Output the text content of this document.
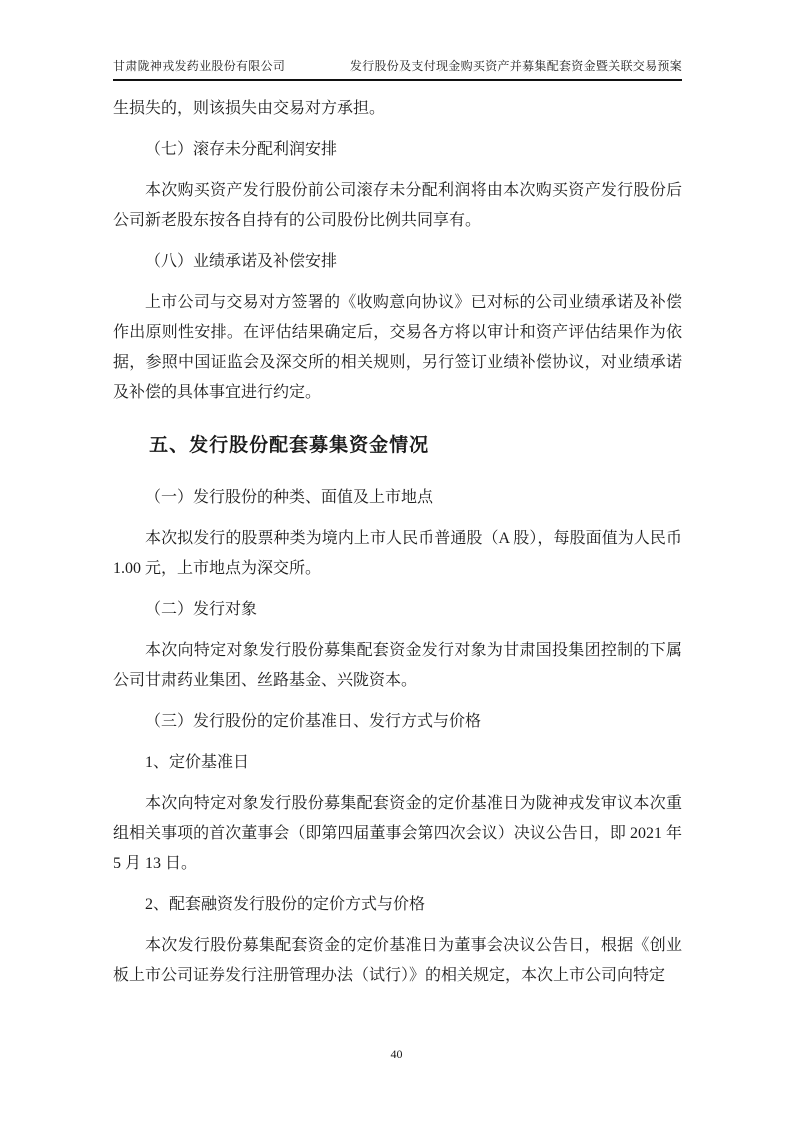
甘肃陇神戎发药业股份有限公司	发行股份及支付现金购买资产并募集配套资金暨关联交易预案

生损失的，则该损失由交易对方承担。

（七）滚存未分配利润安排

本次购买资产发行股份前公司滚存未分配利润将由本次购买资产发行股份后公司新老股东按各自持有的公司股份比例共同享有。

（八）业绩承诺及补偿安排

上市公司与交易对方签署的《收购意向协议》已对标的公司业绩承诺及补偿作出原则性安排。在评估结果确定后，交易各方将以审计和资产评估结果作为依据，参照中国证监会及深交所的相关规则，另行签订业绩补偿协议，对业绩承诺及补偿的具体事宜进行约定。

五、发行股份配套募集资金情况

（一）发行股份的种类、面值及上市地点

本次拟发行的股票种类为境内上市人民币普通股（A 股），每股面值为人民币 1.00 元，上市地点为深交所。

（二）发行对象

本次向特定对象发行股份募集配套资金发行对象为甘肃国投集团控制的下属公司甘肃药业集团、丝路基金、兴陇资本。

（三）发行股份的定价基准日、发行方式与价格

1、定价基准日

本次向特定对象发行股份募集配套资金的定价基准日为陇神戎发审议本次重组相关事项的首次董事会（即第四届董事会第四次会议）决议公告日，即 2021 年 5 月 13 日。

2、配套融资发行股份的定价方式与价格

本次发行股份募集配套资金的定价基准日为董事会决议公告日，根据《创业板上市公司证券发行注册管理办法（试行）》的相关规定，本次上市公司向特定

40
